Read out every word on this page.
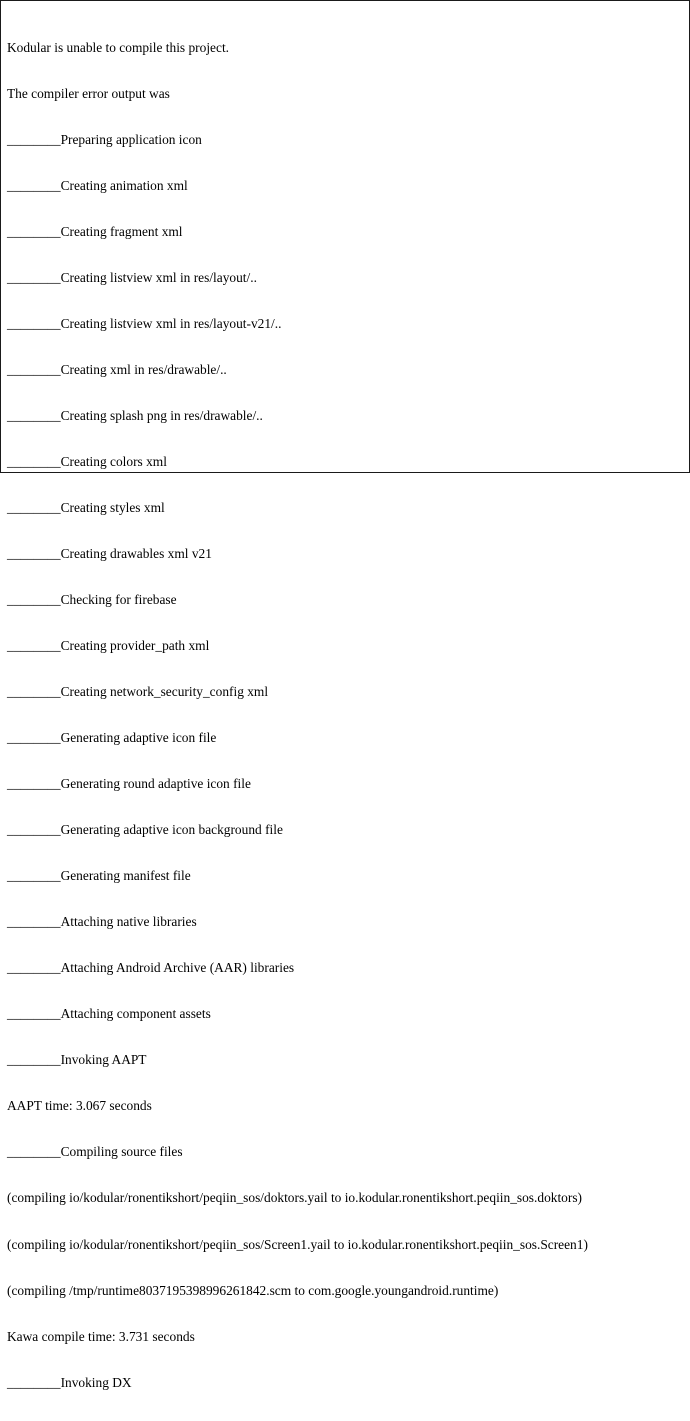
Kodular is unable to compile this project.

The compiler error output was

________Preparing application icon

________Creating animation xml

________Creating fragment xml

________Creating listview xml in res/layout/..

________Creating listview xml in res/layout-v21/..

________Creating xml in res/drawable/..

________Creating splash png in res/drawable/..

________Creating colors xml

________Creating styles xml

________Creating drawables xml v21

________Checking for firebase

________Creating provider_path xml

________Creating network_security_config xml

________Generating adaptive icon file

________Generating round adaptive icon file

________Generating adaptive icon background file

________Generating manifest file

________Attaching native libraries

________Attaching Android Archive (AAR) libraries

________Attaching component assets

________Invoking AAPT

AAPT time: 3.067 seconds

________Compiling source files

(compiling io/kodular/ronentikshort/peqiin_sos/doktors.yail to io.kodular.ronentikshort.peqiin_sos.doktors)

(compiling io/kodular/ronentikshort/peqiin_sos/Screen1.yail to io.kodular.ronentikshort.peqiin_sos.Screen1)

(compiling /tmp/runtime8037195398996261842.scm to com.google.youngandroid.runtime)

Kawa compile time: 3.731 seconds

________Invoking DX
